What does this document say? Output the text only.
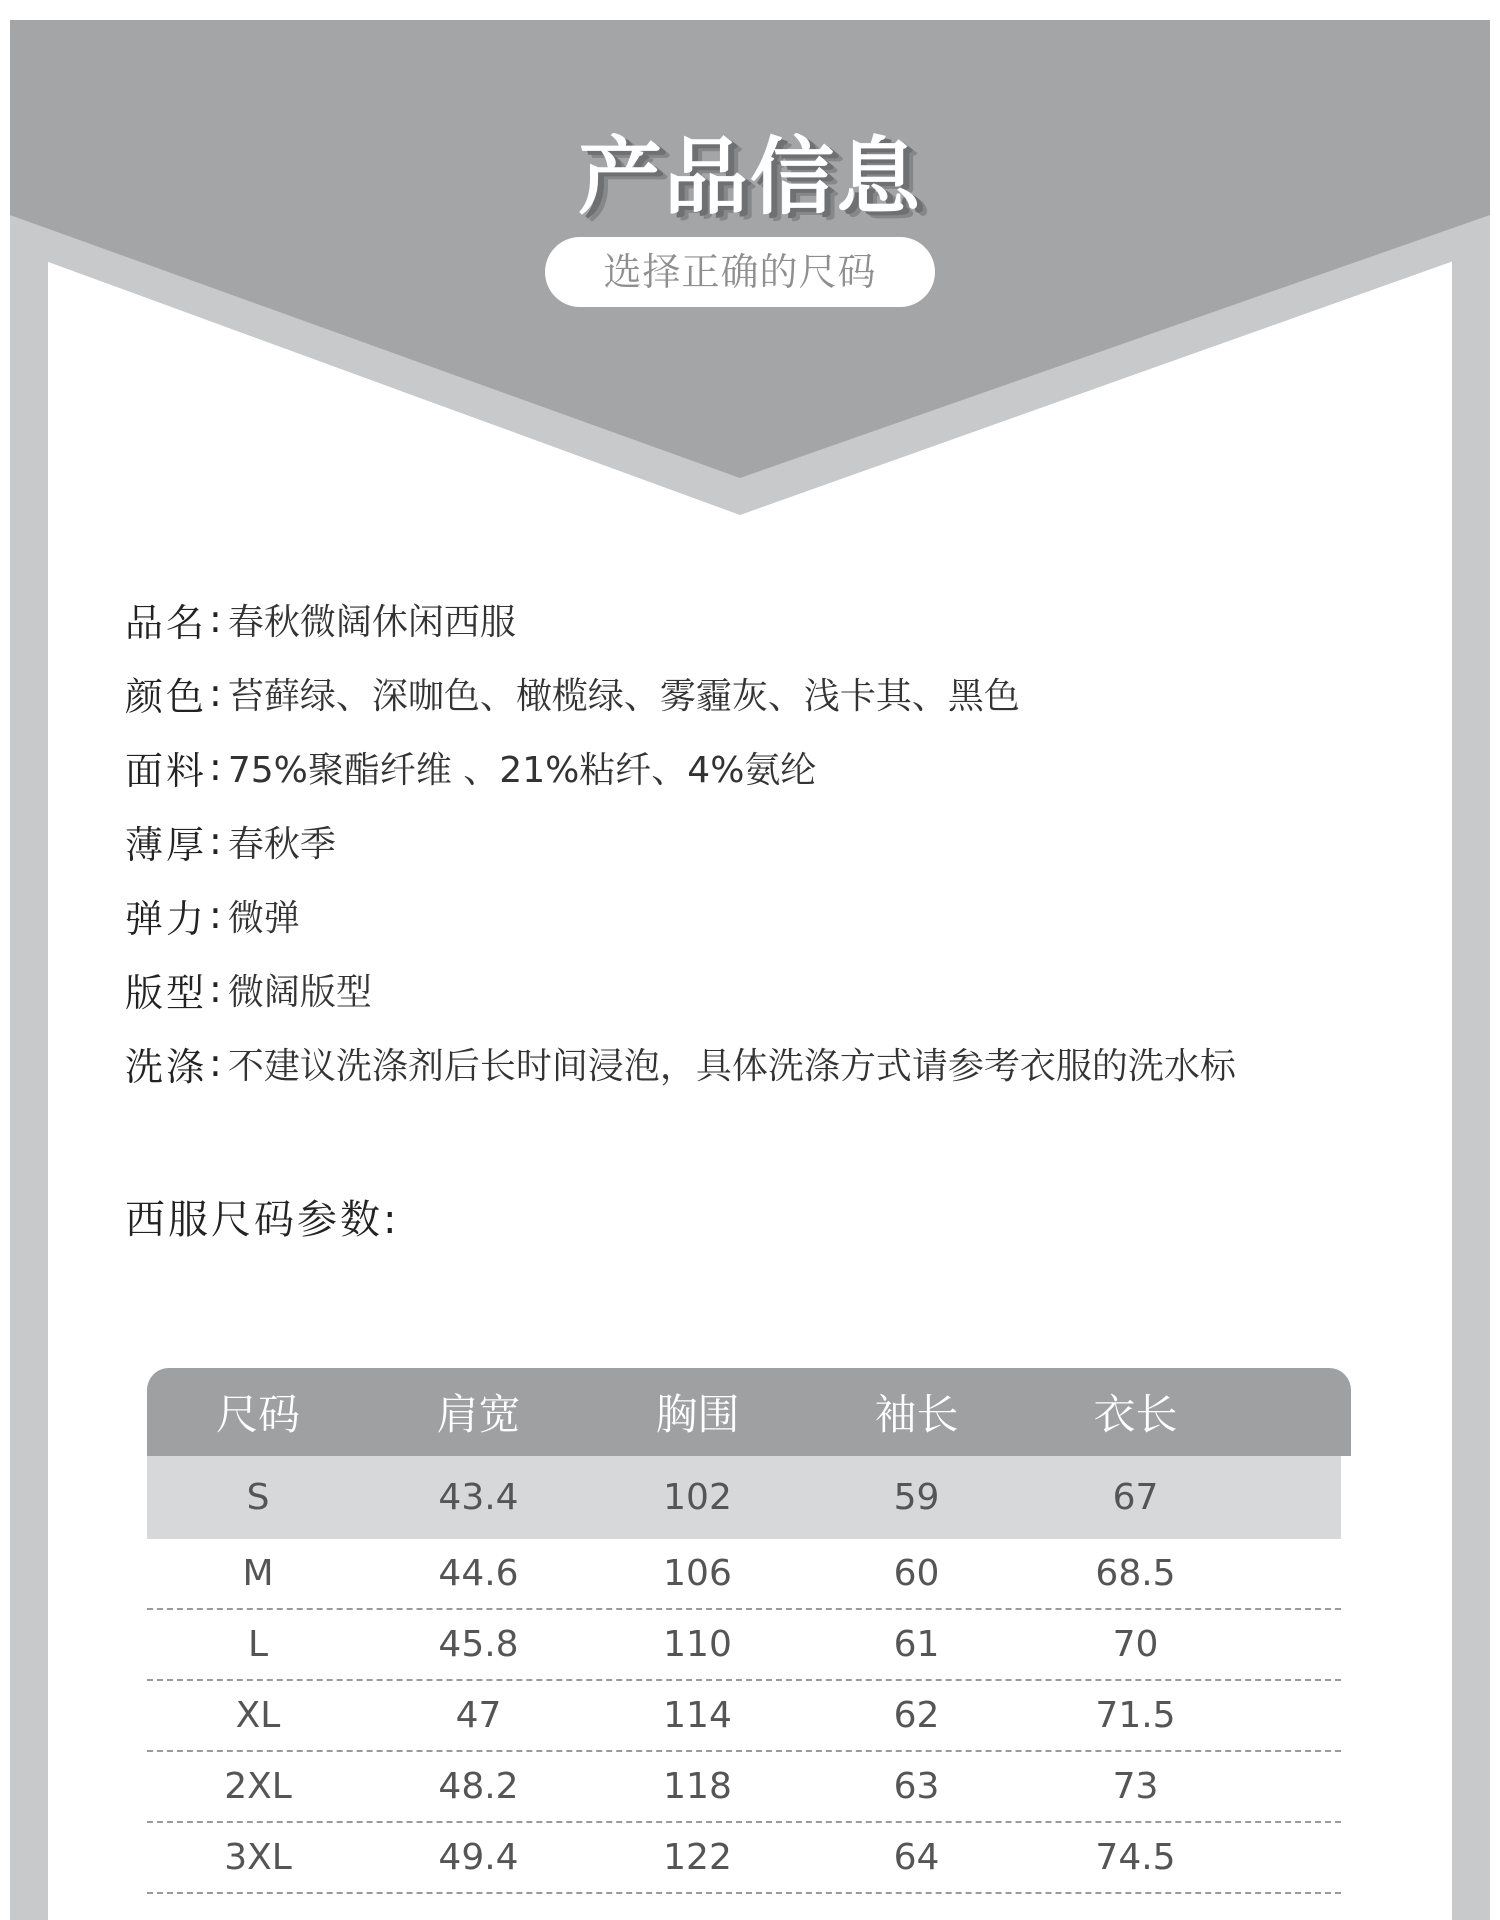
产品信息
选择正确的尺码
品名 : 春秋微阔休闲西服
颜色 : 苔藓绿、深咖色、橄榄绿、雾霾灰、浅卡其、黑色
面料 : 75%聚酯纤维 、21%粘纤、4%氨纶
薄厚 : 春秋季
弹力 : 微弹
版型 : 微阔版型
洗涤 : 不建议洗涤剂后长时间浸泡，具体洗涤方式请参考衣服的洗水标
西服尺码参数:
尺码	肩宽	胸围	袖长	衣长
S	43.4	102	59	67
M	44.6	106	60	68.5
L	45.8	110	61	70
XL	47	114	62	71.5
2XL	48.2	118	63	73
3XL	49.4	122	64	74.5
